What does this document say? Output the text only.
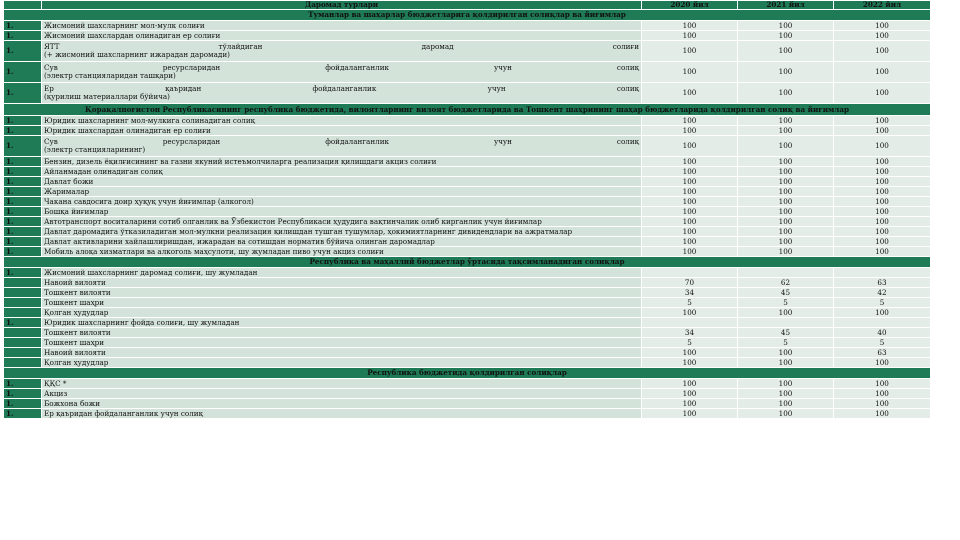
	Даромад турлари	2020 йил	2021 йил	2022 йил
Туманлар ва шаҳарлар бюджетларига қолдирилган солиқлар ва йиғимлар				
1.	Жисмоний шахсларнинг мол-мулк солиғи	100	100	100
1.	Жисмоний шахслардан олинадиган ер солиғи	100	100	100
1.	ЯТТ тўлайдиган даромад солиғи
(+ жисмоний шахсларнинг ижарадан даромади)	100	100	100
1.	Сув ресурсларидан фойдаланганлик учун солиқ
(электр станцияларидан ташқари)	100	100	100
1.	Ер қаъридан фойдаланганлик учун солиқ
(қурилиш материаллари бўйича)	100	100	100
Қорақалпоғистон Республикасининг республика бюджетида, вилоятларнинг вилоят бюджетларида ва Тошкент шаҳрининг шаҳар бюджетларида қолдирилган солиқ ва йиғимлар				
1.	Юридик шахсларнинг мол-мулкига солинадиган солиқ	100	100	100
1.	Юридик шахслардан олинадиган ер солиғи	100	100	100
1.	Сув ресурсларидан фойдаланганлик учун солиқ
(электр станцияларининг)	100	100	100
1.	Бензин, дизель ёқилғисининг ва газни якуний истеъмолчиларга реализация қилишдаги акциз солиғи	100	100	100
1.	Айланмадан олинадиган солиқ	100	100	100
1.	Давлат божи	100	100	100
1.	Жарималар	100	100	100
1.	Чакана савдосига доир ҳуқуқ учун йиғимлар (алкогол)	100	100	100
1.	Бошқа йиғимлар	100	100	100
1.	Автотранспорт воситаларини сотиб олганлик ва Ўзбекистон Республикаси ҳудудига вақтинчалик олиб кирганлик учун йиғимлар	100	100	100
1.	Давлат даромадига ўтказиладиган мол-мулкни реализация қилишдан тушган тушумлар, ҳокимиятларнинг дивидендлари ва ажратмалар	100	100	100
1.	Давлат активларини хайлашлиришдан, ижарадан ва сотишдан норматив бўйича олинган даромадлар	100	100	100
1.	Мобиль алоқа хизматлари ва алкоголь маҳсулоти, шу жумладан пиво учун акциз солиғи	100	100	100
Республика ва маҳаллий бюджетлар ўртасида тақсимланадиган солиқлар				
1.	Жисмоний шахсларнинг даромад солиғи, шу жумладан			
	Навоий вилояти	70	62	63
	Тошкент вилояти	34	45	42
	Тошкент шаҳри	5	5	5
	Қолган ҳудудлар	100	100	100
1.	Юридик шахсларнинг фойда солиғи, шу жумладан			
	Тошкент вилояти	34	45	40
	Тошкент шаҳри	5	5	5
	Навоий вилояти	100	100	63
	Қолган ҳудудлар	100	100	100
Республика бюджетида қолдирилган солиқлар				
1.	ҚҚС *	100	100	100
1.	Акциз	100	100	100
1.	Божхона божи	100	100	100
1.	Ер қаъридан фойдаланганлик учун солиқ	100	100	100
